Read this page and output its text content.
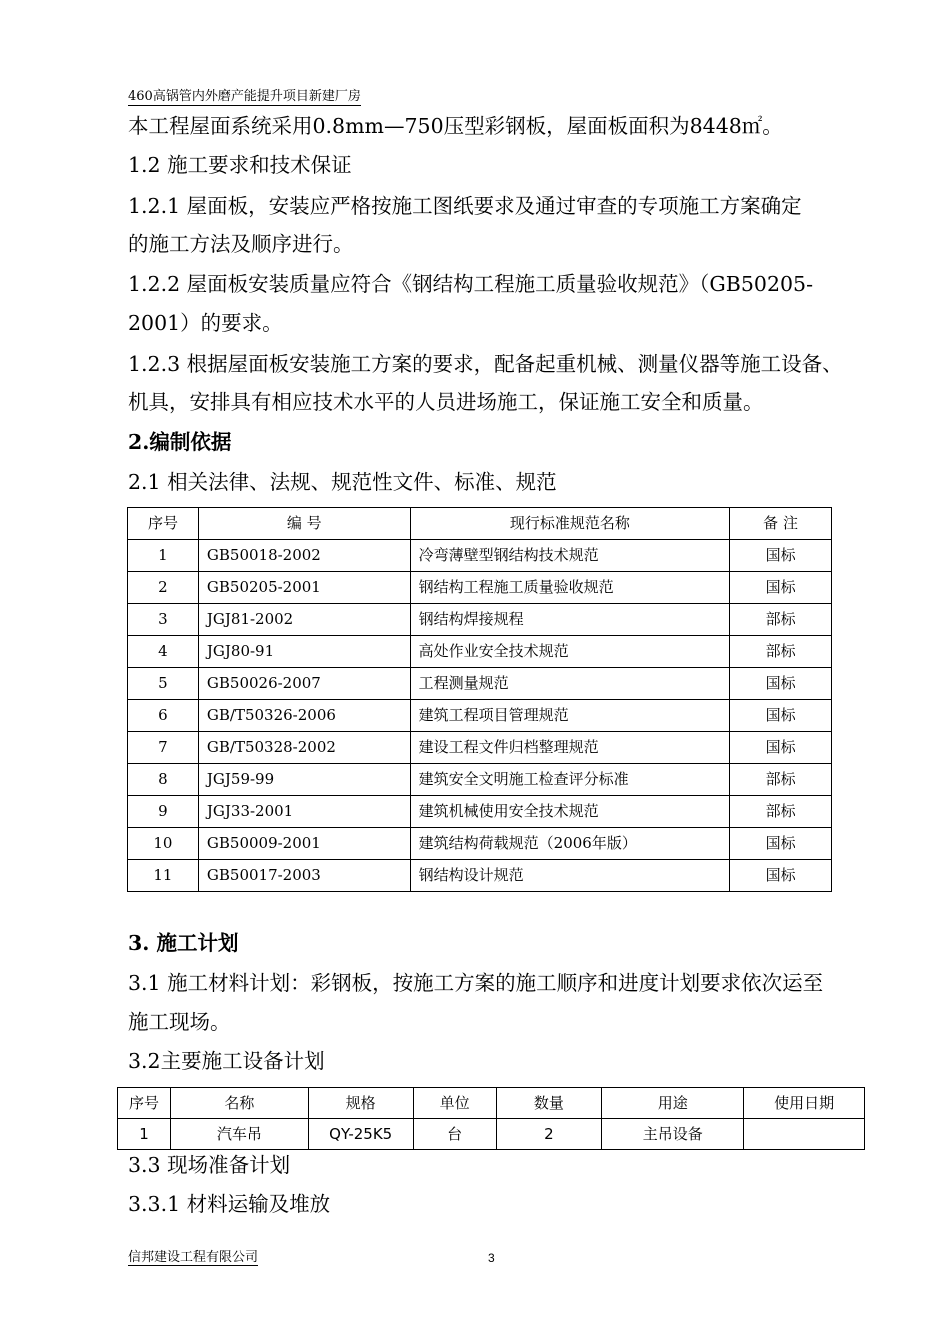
460高锅管内外磨产能提升项目新建厂房
本工程屋面系统采用0.8mm—750压型彩钢板，屋面板面积为8448㎡。
1.2 施工要求和技术保证
1.2.1 屋面板，安装应严格按施工图纸要求及通过审查的专项施工方案确定
的施工方法及顺序进行。
1.2.2 屋面板安装质量应符合《钢结构工程施工质量验收规范》（GB50205-
2001）的要求。
1.2.3 根据屋面板安装施工方案的要求，配备起重机械、测量仪器等施工设备、
机具，安排具有相应技术水平的人员进场施工，保证施工安全和质量。
2.编制依据
2.1 相关法律、法规、规范性文件、标准、规范
序号	编 号	现行标准规范名称	备 注
1	GB50018-2002	冷弯薄壁型钢结构技术规范	国标
2	GB50205-2001	钢结构工程施工质量验收规范	国标
3	JGJ81-2002	钢结构焊接规程	部标
4	JGJ80-91	高处作业安全技术规范	部标
5	GB50026-2007	工程测量规范	国标
6	GB/T50326-2006	建筑工程项目管理规范	国标
7	GB/T50328-2002	建设工程文件归档整理规范	国标
8	JGJ59-99	建筑安全文明施工检查评分标准	部标
9	JGJ33-2001	建筑机械使用安全技术规范	部标
10	GB50009-2001	建筑结构荷载规范（2006年版）	国标
11	GB50017-2003	钢结构设计规范	国标
3. 施工计划
3.1 施工材料计划：彩钢板，按施工方案的施工顺序和进度计划要求依次运至
施工现场。
3.2主要施工设备计划
序号	名称	规格	单位	数量	用途	使用日期
1	汽车吊	QY-25K5	台	2	主吊设备	
3.3 现场准备计划
3.3.1 材料运输及堆放
信邦建设工程有限公司	3
